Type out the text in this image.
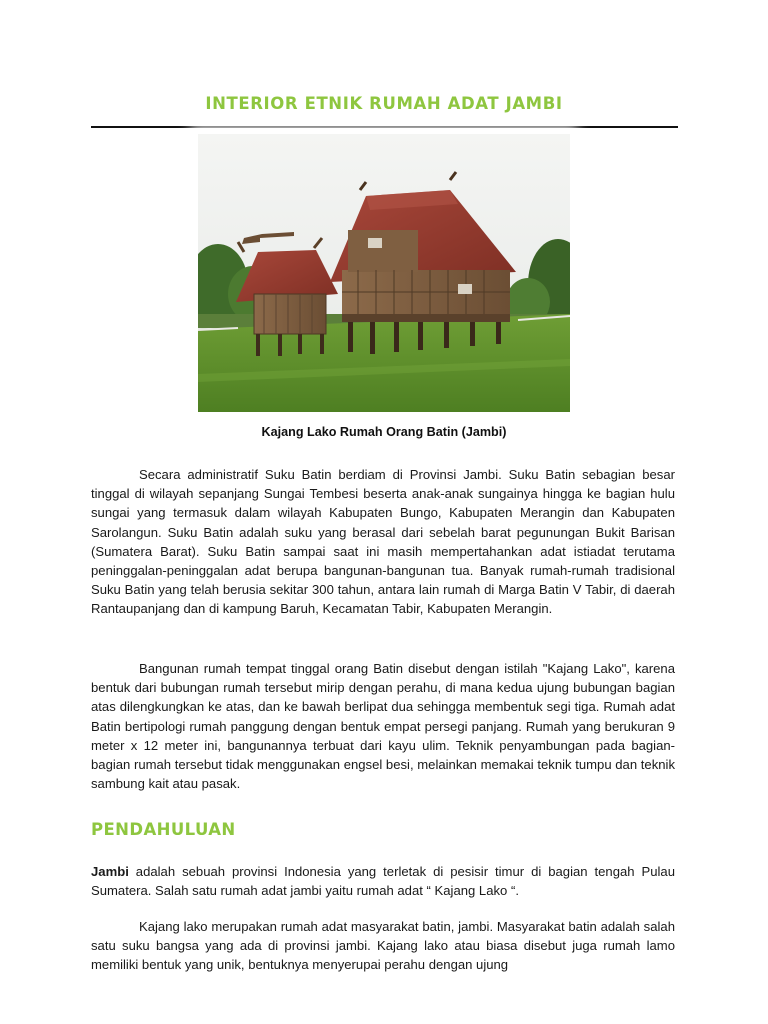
INTERIOR ETNIK RUMAH ADAT JAMBI
Kajang Lako Rumah Orang Batin (Jambi)

Secara administratif Suku Batin berdiam di Provinsi Jambi. Suku Batin sebagian besar tinggal di wilayah sepanjang Sungai Tembesi beserta anak-anak sungainya hingga ke bagian hulu sungai yang termasuk dalam wilayah Kabupaten Bungo, Kabupaten Merangin dan Kabupaten Sarolangun. Suku Batin adalah suku yang berasal dari sebelah barat pegunungan Bukit Barisan (Sumatera Barat). Suku Batin sampai saat ini masih mempertahankan adat istiadat terutama peninggalan-peninggalan adat berupa bangunan-bangunan tua. Banyak rumah-rumah tradisional Suku Batin yang telah berusia sekitar 300 tahun, antara lain rumah di Marga Batin V Tabir, di daerah Rantaupanjang dan di kampung Baruh, Kecamatan Tabir, Kabupaten Merangin.

Bangunan rumah tempat tinggal orang Batin disebut dengan istilah "Kajang Lako", karena bentuk dari bubungan rumah tersebut mirip dengan perahu, di mana kedua ujung bubungan bagian atas dilengkungkan ke atas, dan ke bawah berlipat dua sehingga membentuk segi tiga. Rumah adat Batin bertipologi rumah panggung dengan bentuk empat persegi panjang. Rumah yang berukuran 9 meter x 12 meter ini, bangunannya terbuat dari kayu ulim. Teknik penyambungan pada bagian-bagian rumah tersebut tidak menggunakan engsel besi, melainkan memakai teknik tumpu dan teknik sambung kait atau pasak.

PENDAHULUAN

Jambi adalah sebuah provinsi Indonesia yang terletak di pesisir timur di bagian tengah Pulau Sumatera. Salah satu rumah adat jambi yaitu rumah adat “ Kajang Lako “.

Kajang lako merupakan rumah adat masyarakat batin, jambi. Masyarakat batin adalah salah satu suku bangsa yang ada di provinsi jambi. Kajang lako atau biasa disebut juga rumah lamo memiliki bentuk yang unik, bentuknya menyerupai perahu dengan ujung
